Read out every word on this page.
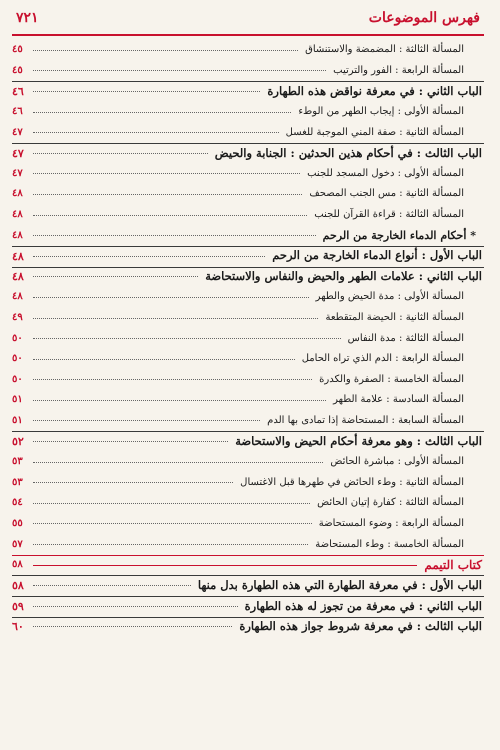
فهرس الموضوعات
٧٢١
المسألة الثالثة : المضمضة والاستنشاق
٤٥
المسألة الرابعة : الفور والترتيب
٤٥
الباب الثاني : في معرفة نواقض هذه الطهارة
٤٦
المسألة الأولى : إيجاب الطهر من الوطء
٤٦
المسألة الثانية : صفة المني الموجبة للغسل
٤٧
الباب الثالث : في أحكام هذين الحدثين : الجنابة والحيض
٤٧
المسألة الأولى : دخول المسجد للجنب
٤٧
المسألة الثانية : مس الجنب المصحف
٤٨
المسألة الثالثة : قراءة القرآن للجنب
٤٨
* أحكام الدماء الخارجة من الرحم
٤٨
الباب الأول : أنواع الدماء الخارجة من الرحم
٤٨
الباب الثاني : علامات الطهر والحيض والنفاس والاستحاضة
٤٨
المسألة الأولى : مدة الحيض والطهر
٤٨
المسألة الثانية : الحيضة المتقطعة
٤٩
المسألة الثالثة : مدة النفاس
٥٠
المسألة الرابعة : الدم الذي تراه الحامل
٥٠
المسألة الخامسة : الصفرة والكدرة
٥٠
المسألة السادسة : علامة الطهر
٥١
المسألة السابعة : المستحاضة إذا تمادى بها الدم
٥١
الباب الثالث : وهو معرفة أحكام الحيض والاستحاضة
٥٢
المسألة الأولى : مباشرة الحائض
٥٣
المسألة الثانية : وطء الحائض في طهرها قبل الاغتسال
٥٣
المسألة الثالثة : كفارة إتيان الحائض
٥٤
المسألة الرابعة : وضوء المستحاضة
٥٥
المسألة الخامسة : وطء المستحاضة
٥٧
كتاب التيمم
٥٨
الباب الأول : في معرفة الطهارة التي هذه الطهارة بدل منها
٥٨
الباب الثاني : في معرفة من تجوز له هذه الطهارة
٥٩
الباب الثالث : في معرفة شروط جواز هذه الطهارة
٦٠
